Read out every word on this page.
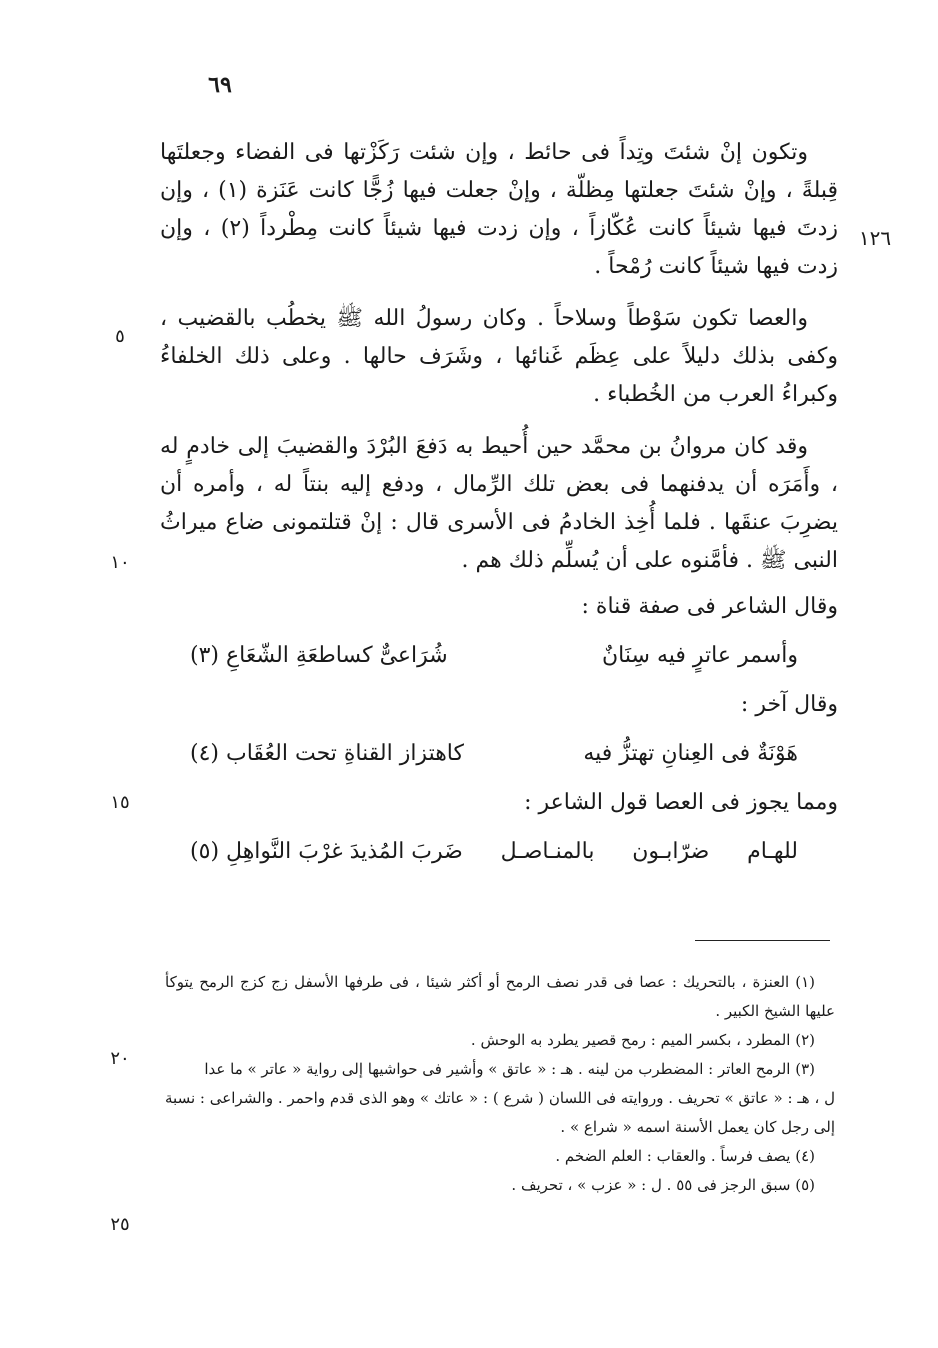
٦٩
١٢٦
٥
١٠
١٥
٢٠
٢٥

وتكون إنْ شئتَ وتِداً فى حائط ، وإن شئت رَكَزْتها فى الفضاء وجعلتَها قِبلةً ، وإنْ شئتَ جعلتها مِظلّة ، وإنْ جعلت فيها زُجًّا كانت عَنَزة (١) ، وإن زدتَ فيها شيئاً كانت عُكّازاً ، وإن زدت فيها شيئاً كانت مِطْرداً (٢) ، وإن زدت فيها شيئاً كانت رُمْحاً .

والعصا تكون سَوْطاً وسلاحاً . وكان رسولُ الله ﷺ يخطُب بالقضيب ، وكفى بذلك دليلاً على عِظَم غَنائها ، وشَرَف حالها . وعلى ذلك الخلفاءُ وكبراءُ العرب من الخُطباء .

وقد كان مروانُ بن محمَّد حين أُحيط به دَفعَ البُرْدَ والقضيبَ إلى خادمٍ له ، وأَمَرَه أن يدفنهما فى بعض تلك الرِّمال ، ودفع إليه بنتاً له ، وأمره أن يضرِبَ عنقَها . فلما أُخِذ الخادمُ فى الأسرى قال : إنْ قتلتمونى ضاع ميراثُ النبى ﷺ . فأمَّنوه على أن يُسلِّم ذلك هم .

وقال الشاعر فى صفة قناة :

وأسمر عاترٍ فيه سِنَانٌ
شُرَاعىٌّ كساطعَةِ الشّعَاعِ (٣)

وقال آخر :

هَوْنَةٌ فى العِنانِ تهتزُّ فيه
كاهتزاز القناةِ تحت العُقَاب (٤)

ومما يجوز فى العصا قول الشاعر :

للهـام
ضرّابـون
بالمنـاصـل
ضَربَ المُذيدَ غرْبَ النَّواهِلِ (٥)

(١) العنزة ، بالتحريك : عصا فى قدر نصف الرمح أو أكثر شيئا ، فى طرفها الأسفل زج كزج الرمح يتوكأ عليها الشيخ الكبير .

(٢) المطرد ، بكسر الميم : رمح قصير يطرد به الوحش .

(٣) الرمح العاتر : المضطرب من لينه . هـ : « عاتق » وأشير فى حواشيها إلى رواية « عاتر » ما عدا

ل ، هـ : « عاتق » تحريف . وروايته فى اللسان ( شرع ) : « عاتك » وهو الذى قدم واحمر . والشراعى : نسبة إلى رجل كان يعمل الأسنة اسمه « شراع » .

(٤) يصف فرساً . والعقاب : العلم الضخم .

(٥) سبق الرجز فى ٥٥ . ل : « عزب » ، تحريف .
